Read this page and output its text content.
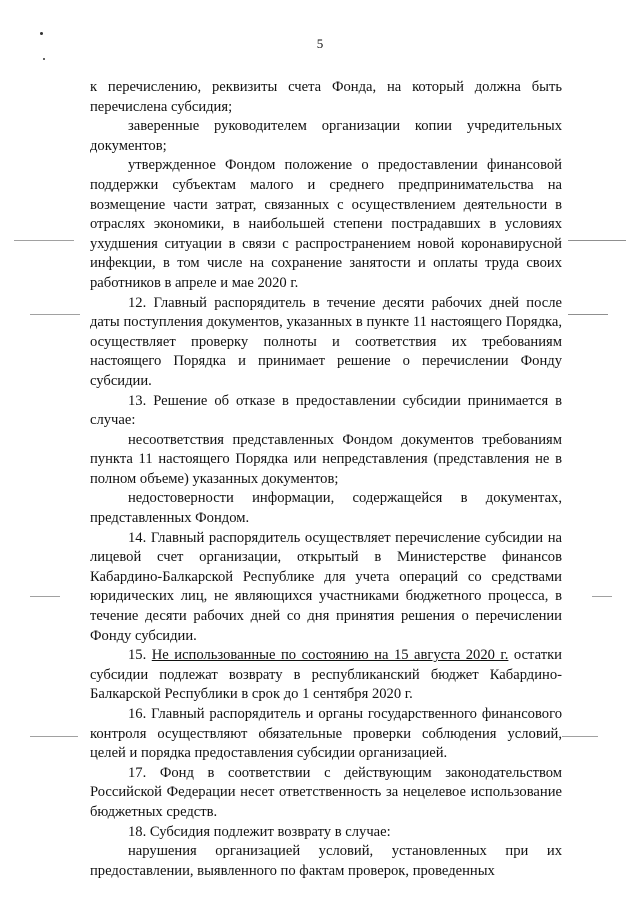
5

к перечислению, реквизиты счета Фонда, на который должна быть перечислена субсидия;

заверенные руководителем организации копии учредительных документов;

утвержденное Фондом положение о предоставлении финансовой поддержки субъектам малого и среднего предпринимательства на возмещение части затрат, связанных с осуществлением деятельности в отраслях экономики, в наибольшей степени пострадавших в условиях ухудшения ситуации в связи с распространением новой коронавирусной инфекции, в том числе на сохранение занятости и оплаты труда своих работников в апреле и мае 2020 г.

12. Главный распорядитель в течение десяти рабочих дней после даты поступления документов, указанных в пункте 11 настоящего Порядка, осуществляет проверку полноты и соответствия их требованиям настоящего Порядка и принимает решение о перечислении Фонду субсидии.

13. Решение об отказе в предоставлении субсидии принимается в случае:

несоответствия представленных Фондом документов требованиям пункта 11 настоящего Порядка или непредставления (представления не в полном объеме) указанных документов;

недостоверности информации, содержащейся в документах, представленных Фондом.

14. Главный распорядитель осуществляет перечисление субсидии на лицевой счет организации, открытый в Министерстве финансов Кабардино-Балкарской Республике для учета операций со средствами юридических лиц, не являющихся участниками бюджетного процесса, в течение десяти рабочих дней со дня принятия решения о перечислении Фонду субсидии.

15. Не использованные по состоянию на 15 августа 2020 г. остатки субсидии подлежат возврату в республиканский бюджет Кабардино-Балкарской Республики в срок до 1 сентября 2020 г.

16. Главный распорядитель и органы государственного финансового контроля осуществляют обязательные проверки соблюдения условий, целей и порядка предоставления субсидии организацией.

17. Фонд в соответствии с действующим законодательством Российской Федерации несет ответственность за нецелевое использование бюджетных средств.

18. Субсидия подлежит возврату в случае:

нарушения организацией условий, установленных при их предоставлении, выявленного по фактам проверок, проведенных
